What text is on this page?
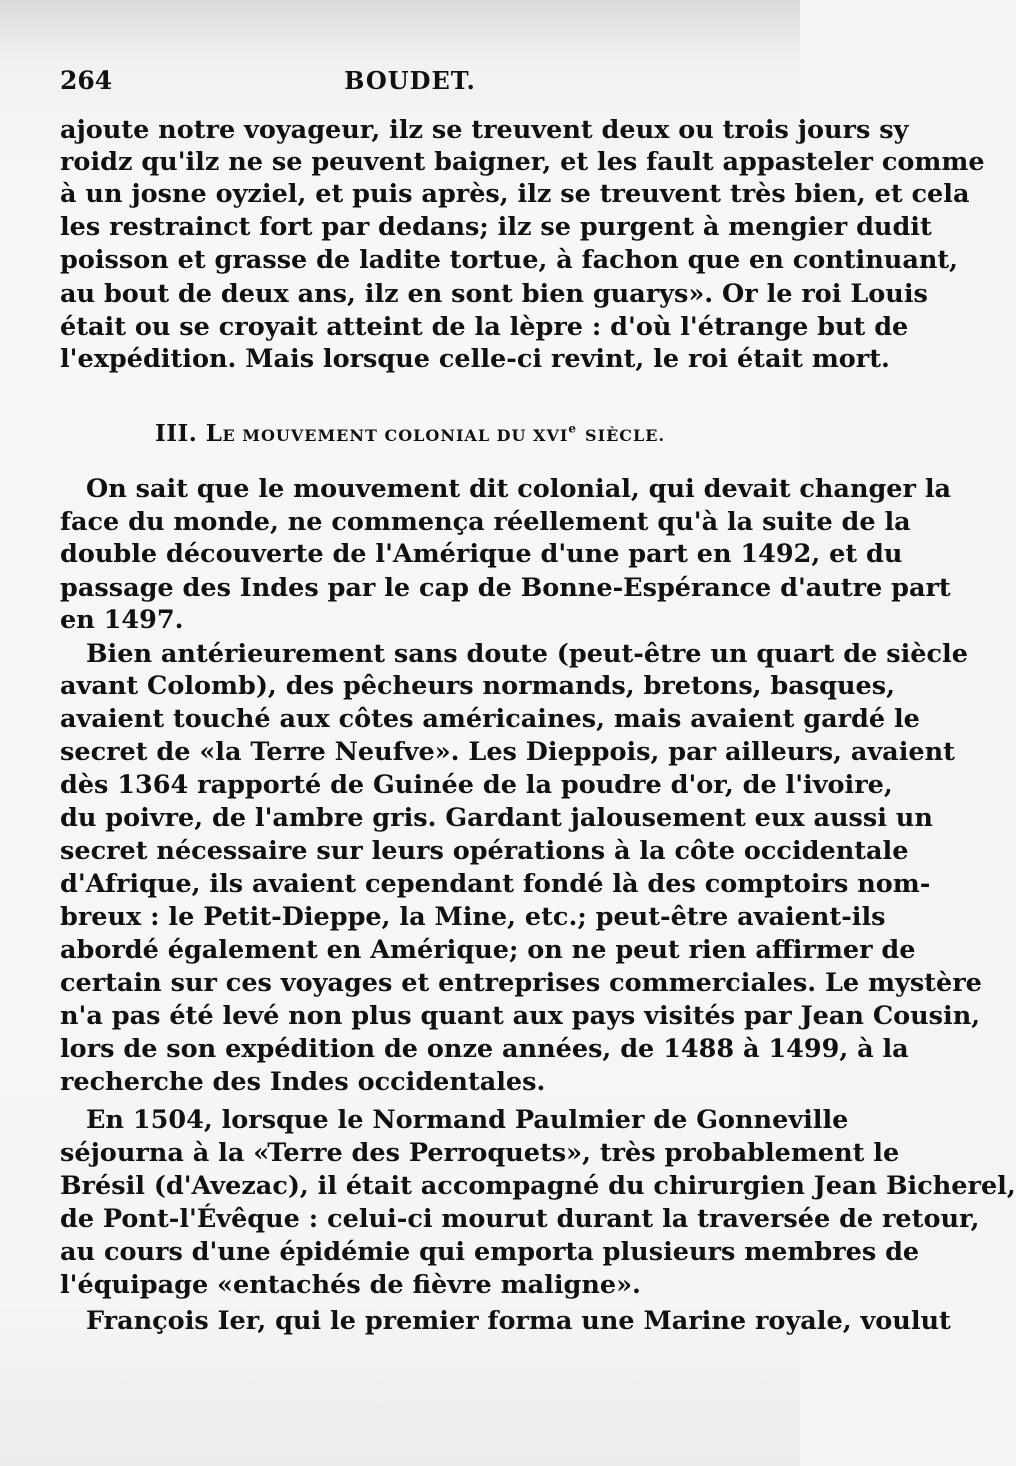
264	BOUDET.
ajoute notre voyageur, ilz se treuvent deux ou trois jours sy
roidz qu'ilz ne se peuvent baigner, et les fault appasteler comme
à un josne oyziel, et puis après, ilz se treuvent très bien, et cela
les restrainct fort par dedans; ilz se purgent à mengier dudit
poisson et grasse de ladite tortue, à fachon que en continuant,
au bout de deux ans, ilz en sont bien guarys». Or le roi Louis
était ou se croyait atteint de la lèpre : d'où l'étrange but de
l'expédition. Mais lorsque celle-ci revint, le roi était mort.
III. LE MOUVEMENT COLONIAL DU XVIe SIÈCLE.
On sait que le mouvement dit colonial, qui devait changer la
face du monde, ne commença réellement qu'à la suite de la
double découverte de l'Amérique d'une part en 1492, et du
passage des Indes par le cap de Bonne-Espérance d'autre part
en 1497.
Bien antérieurement sans doute (peut-être un quart de siècle
avant Colomb), des pêcheurs normands, bretons, basques,
avaient touché aux côtes américaines, mais avaient gardé le
secret de «la Terre Neufve». Les Dieppois, par ailleurs, avaient
dès 1364 rapporté de Guinée de la poudre d'or, de l'ivoire,
du poivre, de l'ambre gris. Gardant jalousement eux aussi un
secret nécessaire sur leurs opérations à la côte occidentale
d'Afrique, ils avaient cependant fondé là des comptoirs nom-
breux : le Petit-Dieppe, la Mine, etc.; peut-être avaient-ils
abordé également en Amérique; on ne peut rien affirmer de
certain sur ces voyages et entreprises commerciales. Le mystère
n'a pas été levé non plus quant aux pays visités par Jean Cousin,
lors de son expédition de onze années, de 1488 à 1499, à la
recherche des Indes occidentales.
En 1504, lorsque le Normand Paulmier de Gonneville
séjourna à la «Terre des Perroquets», très probablement le
Brésil (d'Avezac), il était accompagné du chirurgien Jean Bicherel,
de Pont-l'Évêque : celui-ci mourut durant la traversée de retour,
au cours d'une épidémie qui emporta plusieurs membres de
l'équipage «entachés de fièvre maligne».
François Ier, qui le premier forma une Marine royale, voulut
